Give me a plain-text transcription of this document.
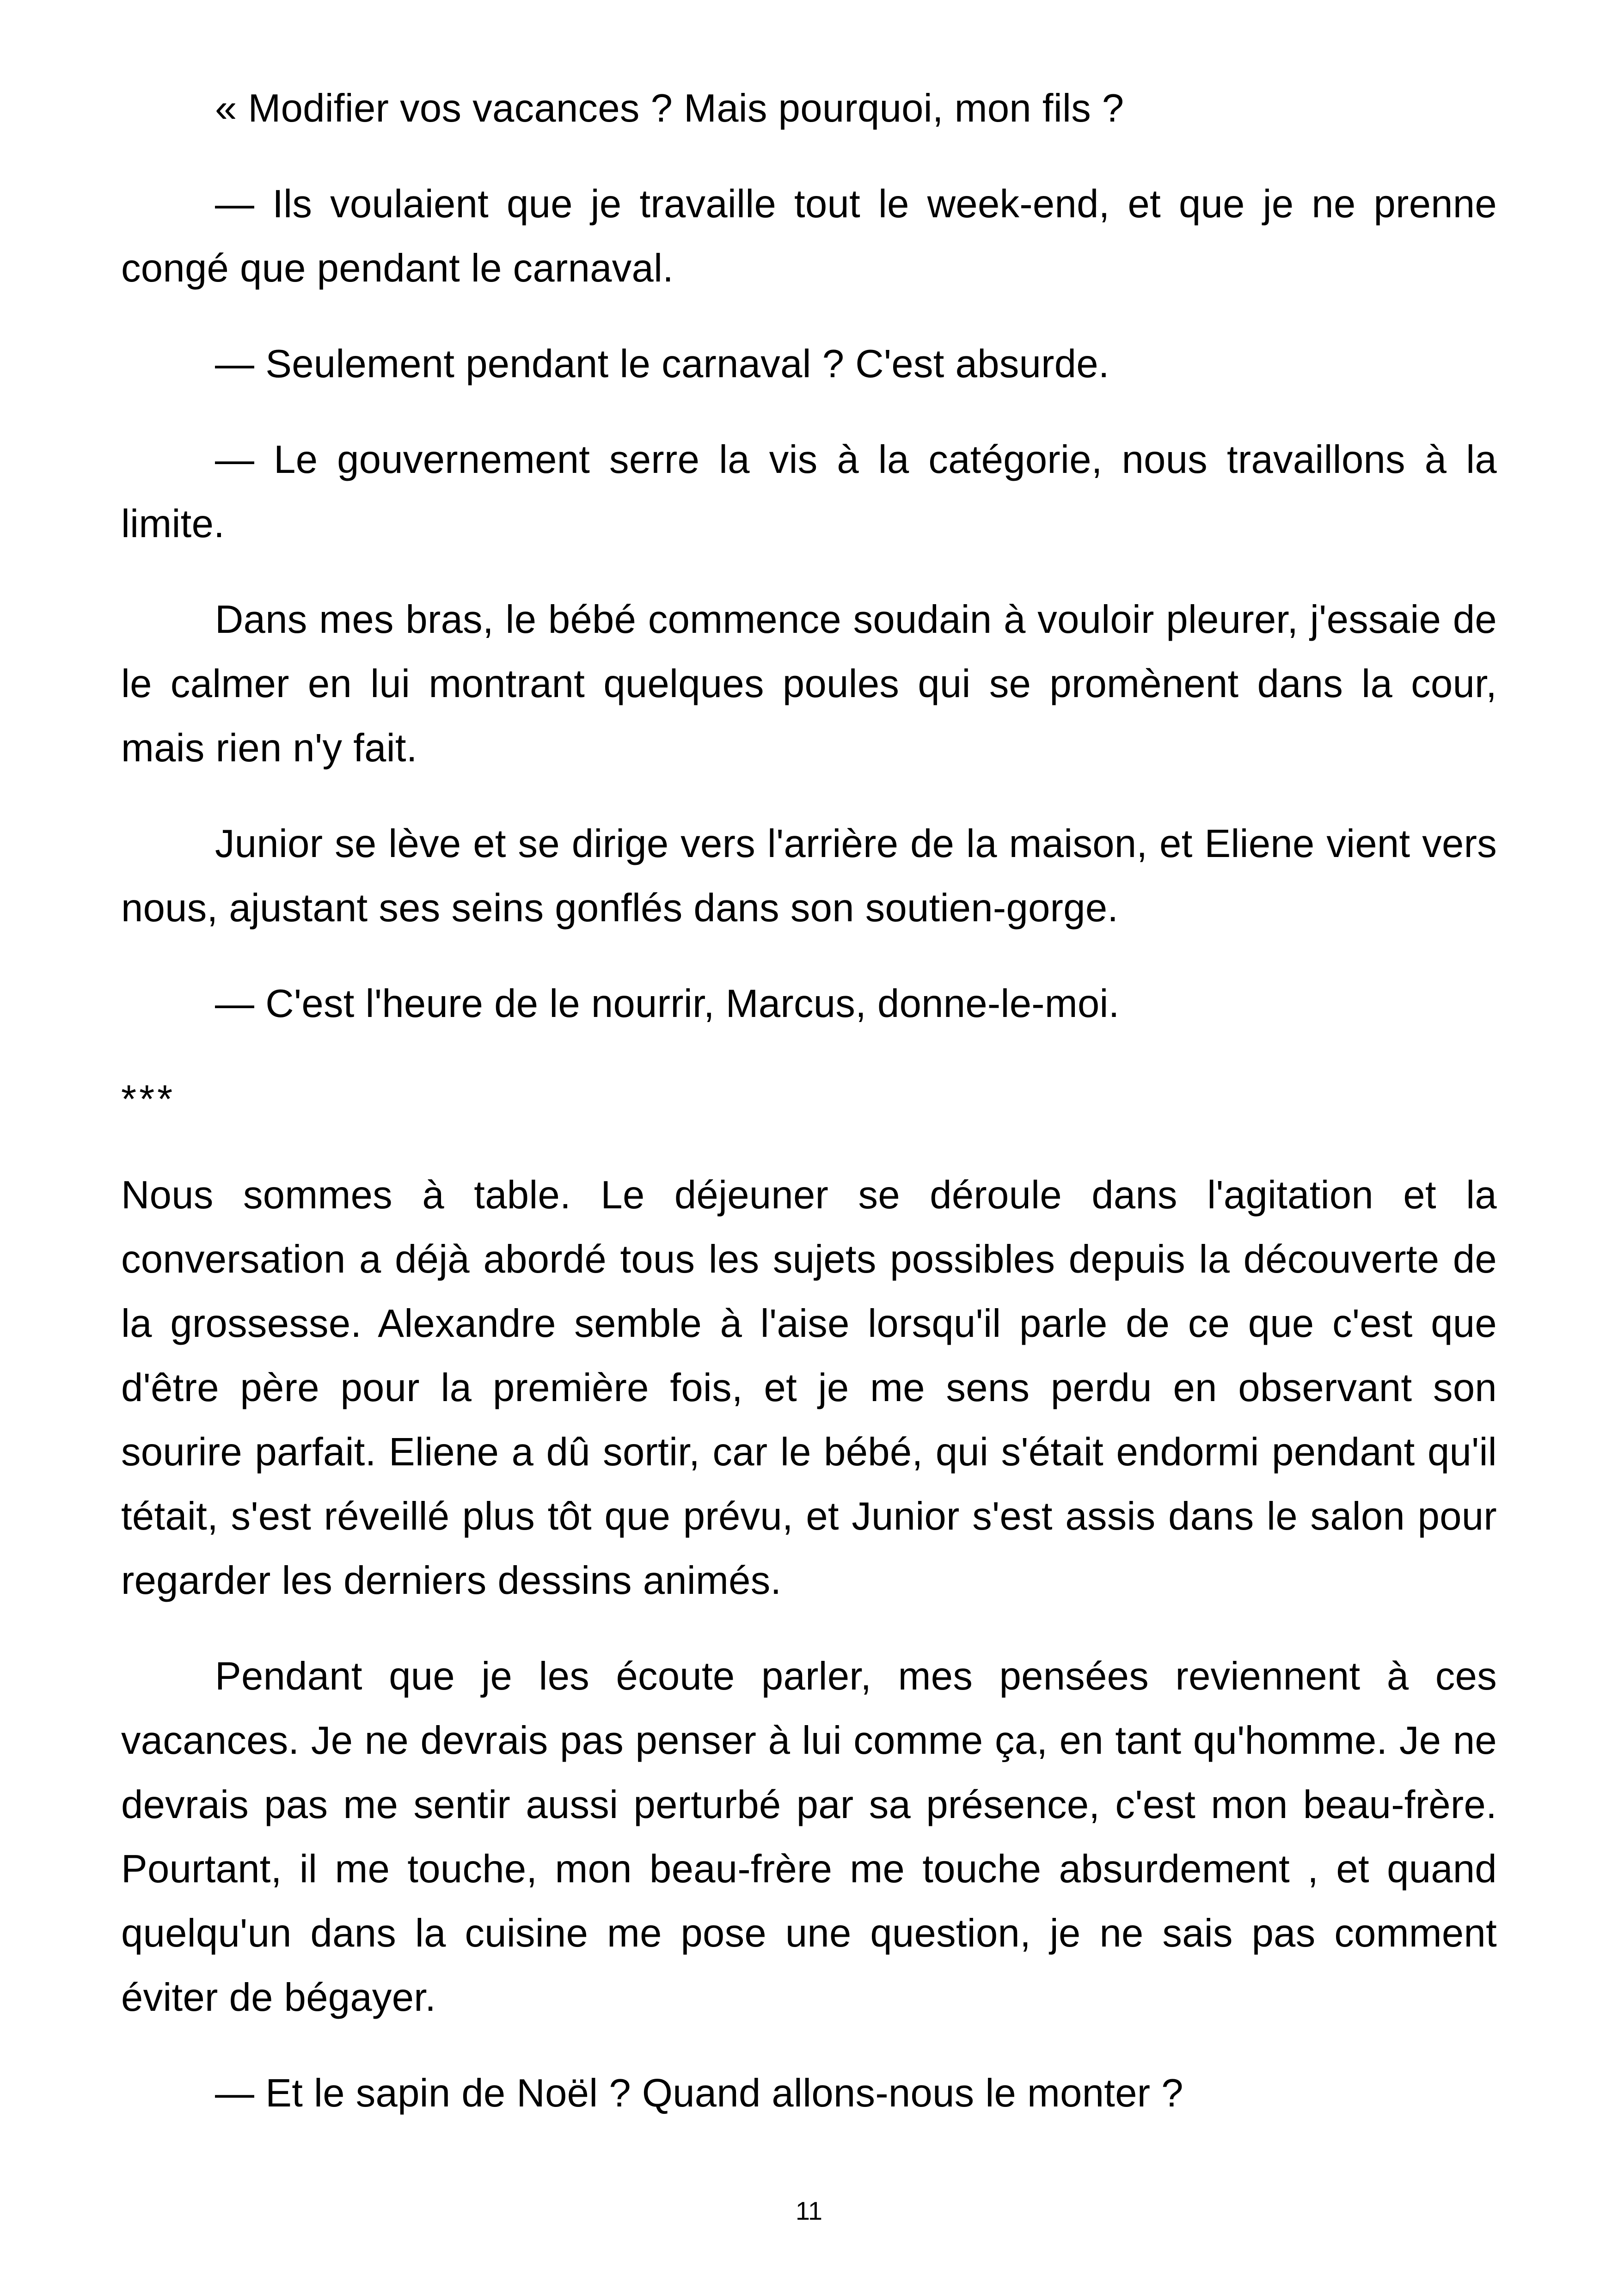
« Modifier vos vacances ? Mais pourquoi, mon fils ?

— Ils voulaient que je travaille tout le week-end, et que je ne prenne congé que pendant le carnaval.

— Seulement pendant le carnaval ? C'est absurde.

— Le gouvernement serre la vis à la catégorie, nous travaillons à la limite.

Dans mes bras, le bébé commence soudain à vouloir pleurer, j'essaie de le calmer en lui montrant quelques poules qui se promènent dans la cour, mais rien n'y fait.

Junior se lève et se dirige vers l'arrière de la maison, et Eliene vient vers nous, ajustant ses seins gonflés dans son soutien-gorge.

— C'est l'heure de le nourrir, Marcus, donne-le-moi.

***

Nous sommes à table. Le déjeuner se déroule dans l'agitation et la conversation a déjà abordé tous les sujets possibles depuis la découverte de la grossesse. Alexandre semble à l'aise lorsqu'il parle de ce que c'est que d'être père pour la première fois, et je me sens perdu en observant son sourire parfait. Eliene a dû sortir, car le bébé, qui s'était endormi pendant qu'il tétait, s'est réveillé plus tôt que prévu, et Junior s'est assis dans le salon pour regarder les derniers dessins animés.

Pendant que je les écoute parler, mes pensées reviennent à ces vacances. Je ne devrais pas penser à lui comme ça, en tant qu'homme. Je ne devrais pas me sentir aussi perturbé par sa présence, c'est mon beau-frère. Pourtant, il me touche, mon beau-frère me touche absurdement , et quand quelqu'un dans la cuisine me pose une question, je ne sais pas comment éviter de bégayer.

— Et le sapin de Noël ? Quand allons-nous le monter ?

11
